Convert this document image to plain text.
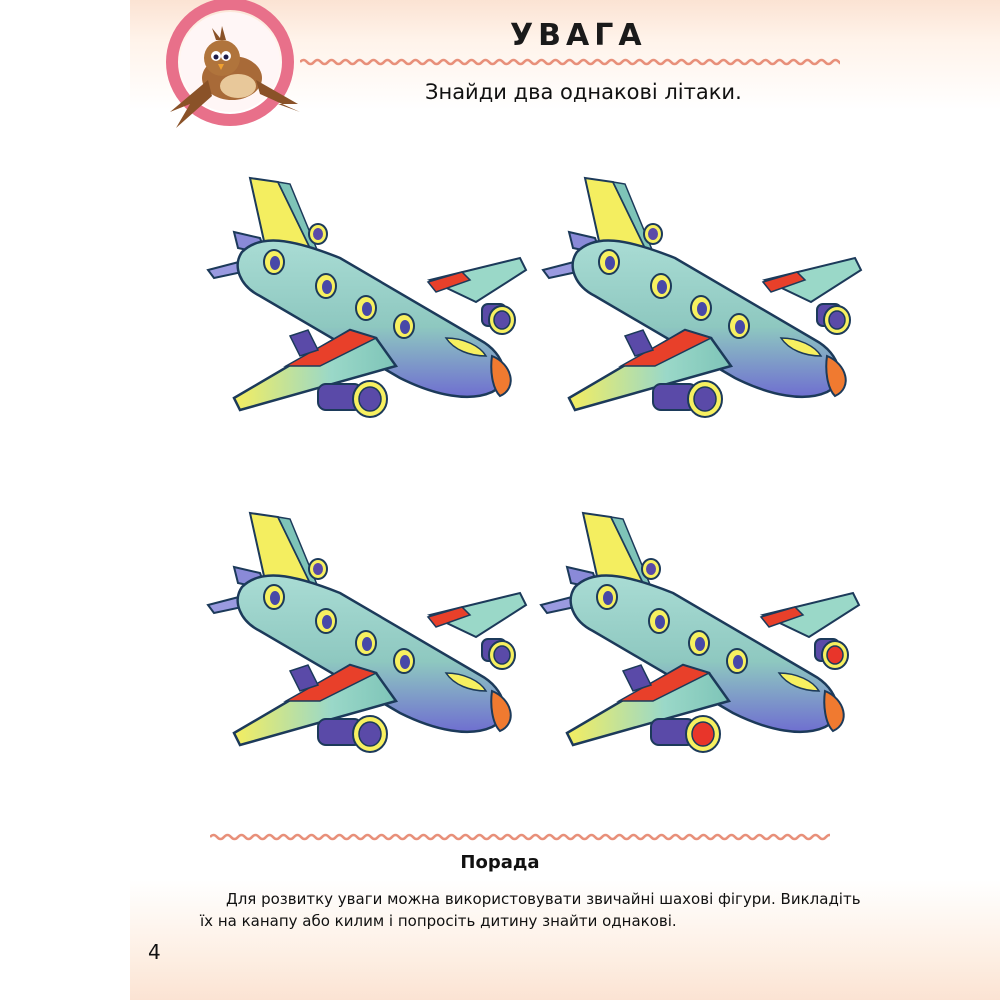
УВАГА
Знайди два однакові літаки.
Порада
Для розвитку уваги можна використовувати звичайні шахові фігури. Викладіть
їх на канапу або килим і попросіть дитину знайти однакові.
4
